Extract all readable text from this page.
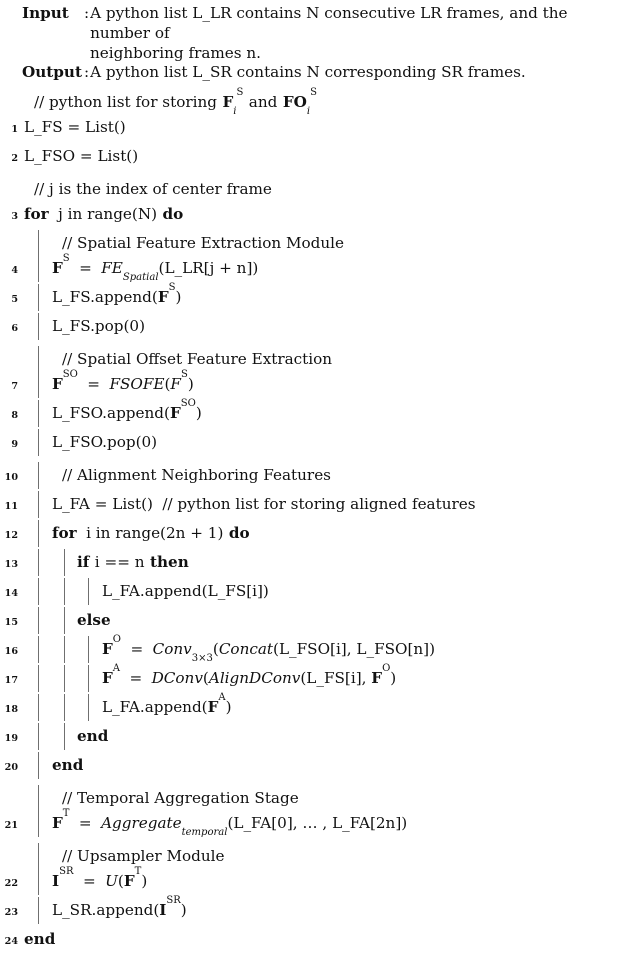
Input : A python list L_LR contains N consecutive LR frames, and the number of
neighboring frames n.
Output : A python list L_SR contains N corresponding SR frames.
// python list for storing $F_i^Sand$ $FO_i^S$
1 L_FS = List()
2 L_FSO = List()
// j is the index of center frame
3 for j in range(N) do
// Spatial Feature Extraction Module
4	$F^S=$ $FE_{Spatial}(L\_LR[j + n])$
5	$L\_FS.append(F^S)$
6	L_FS.pop(0)
// Spatial Offset Feature Extraction
7	$F^{SO}=$ $FSOFE(F^S)$
8	$L\_FSO.append(F^{SO})$
9	L_FSO.pop(0)
10	// Alignment Neighboring Features
11	L_FA = List() // python list for storing aligned features
12	for i in range(2n + 1) do
13	if i == n then
14	L_FA.append(L_FS[i])
15	else
16	$F^O=$ Conv$_{3\times 3}$(Concat(L_FSO[i], L_FSO[n])
17	$F^A=$ DConv(AlignDConv(L_FS[i], $F^O$)
18	$L\_FA.append(F^A)$
19	end
20	end
// Temporal Aggregation Stage
21	$F^T=$ Aggregate$_{temporal}$(L_FA[0], … , L_FA[2n])
// Upsampler Module
22	$I^{SR}= U(F^T)$
23	$L\_SR.append(I^{SR})$
24 end
